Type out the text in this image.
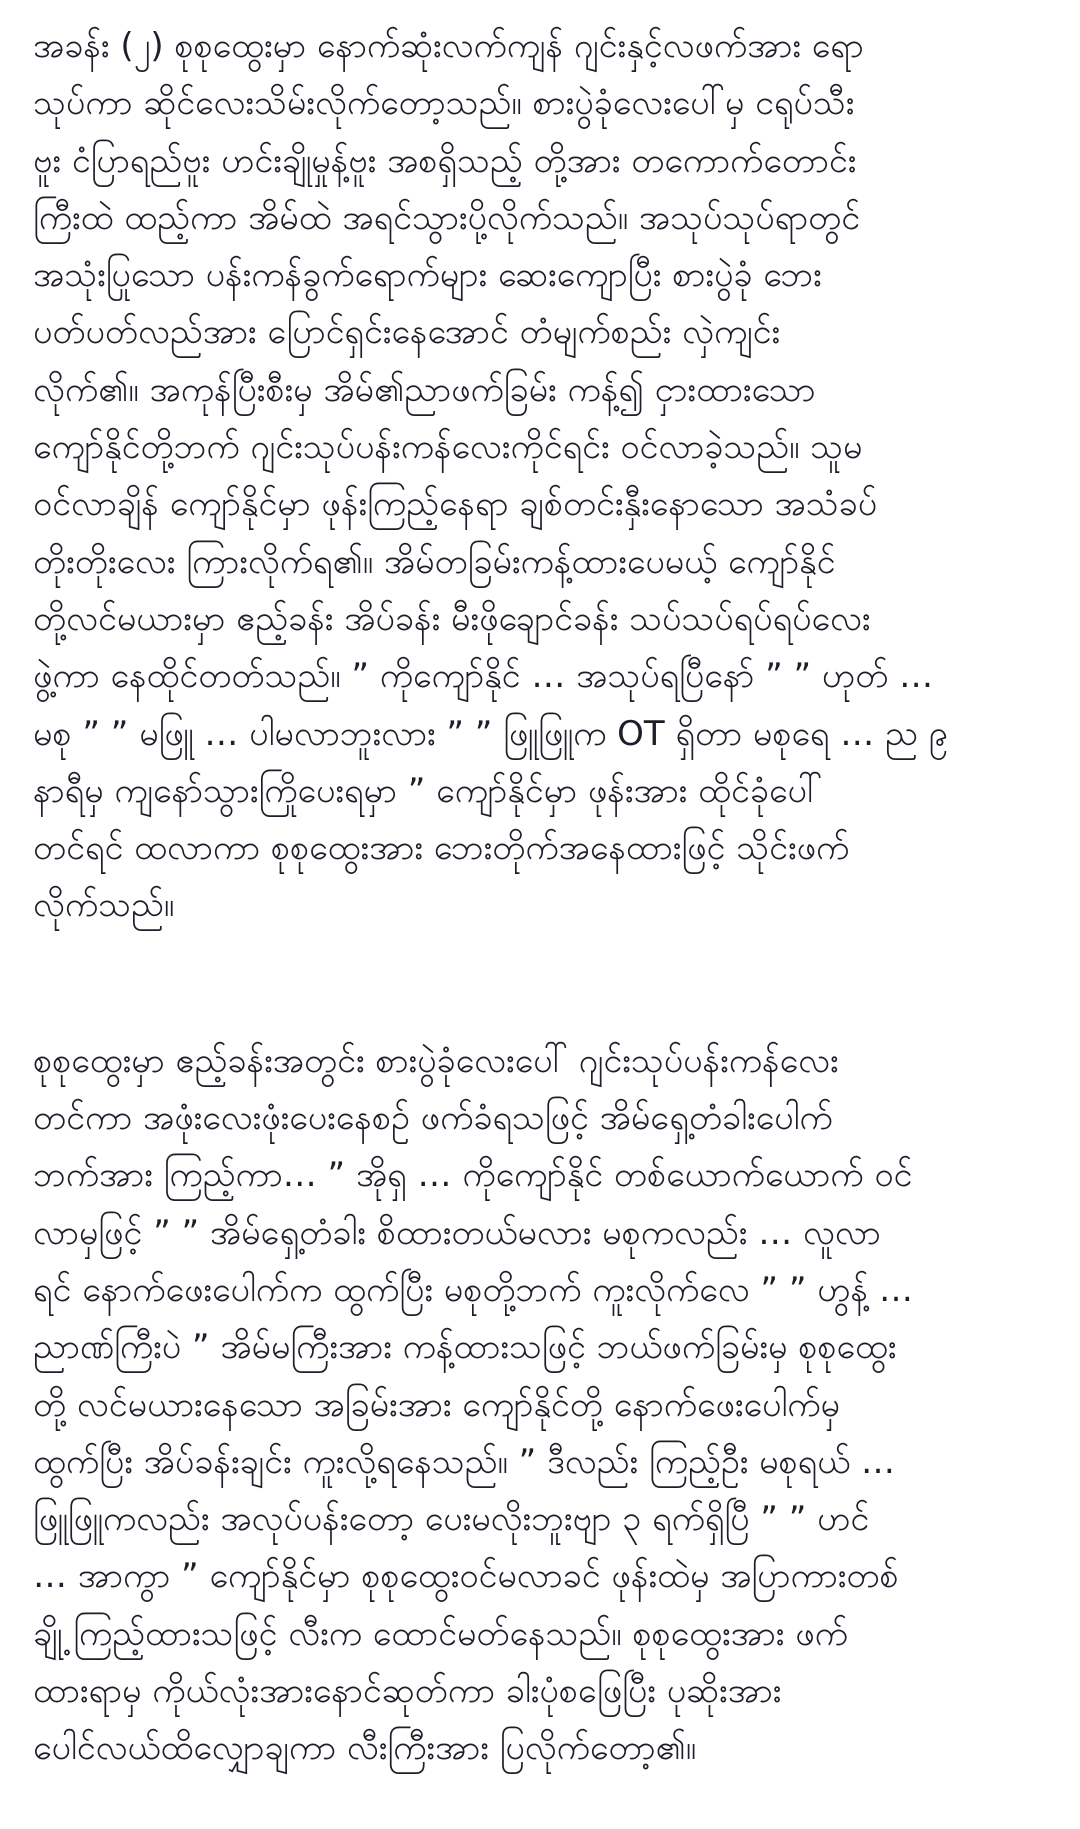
အခန်း (၂) စုစုထွေးမှာ နောက်ဆုံးလက်ကျန် ဂျင်းနှင့်လဖက်အား ရော
သုပ်ကာ ဆိုင်လေးသိမ်းလိုက်တော့သည်။ စားပွဲခုံလေးပေါ်မှ ငရုပ်သီး
ဗူး ငံပြာရည်ဗူး ဟင်းချိုမှုန့်ဗူး အစရှိသည့် တို့အား တကောက်တောင်း
ကြီးထဲ ထည့်ကာ အိမ်ထဲ အရင်သွားပို့လိုက်သည်။ အသုပ်သုပ်ရာတွင်
အသုံးပြုသော ပန်းကန်ခွက်ရောက်များ ဆေးကျောပြီး စားပွဲခုံ ဘေး
ပတ်ပတ်လည်အား ပြောင်ရှင်းနေအောင် တံမျက်စည်း လှဲကျင်း
လိုက်၏။ အကုန်ပြီးစီးမှ အိမ်၏ညာဖက်ခြမ်း ကန့်၍ ငှားထားသော
ကျော်နိုင်တို့ဘက် ဂျင်းသုပ်ပန်းကန်လေးကိုင်ရင်း ဝင်လာခဲ့သည်။ သူမ
ဝင်လာချိန် ကျော်နိုင်မှာ ဖုန်းကြည့်နေရာ ချစ်တင်းနှီးနောသော အသံခပ်
တိုးတိုးလေး ကြားလိုက်ရ၏။ အိမ်တခြမ်းကန့်ထားပေမယ့် ကျော်နိုင်
တို့လင်မယားမှာ ဧည့်ခန်း အိပ်ခန်း မီးဖိုချောင်ခန်း သပ်သပ်ရပ်ရပ်လေး
ဖွဲ့ကာ နေထိုင်တတ်သည်။ ” ကိုကျော်နိုင် … အသုပ်ရပြီနော် ” ” ဟုတ် …
မစု ” ” မဖြူ … ပါမလာဘူးလား ” ” ဖြူဖြူက OT ရှိတာ မစုရေ … ည ၉
နာရီမှ ကျနော်သွားကြိုပေးရမှာ ” ကျော်နိုင်မှာ ဖုန်းအား ထိုင်ခုံပေါ်
တင်ရင် ထလာကာ စုစုထွေးအား ဘေးတိုက်အနေထားဖြင့် သိုင်းဖက်
လိုက်သည်။
စုစုထွေးမှာ ဧည့်ခန်းအတွင်း စားပွဲခုံလေးပေါ် ဂျင်းသုပ်ပန်းကန်လေး
တင်ကာ အဖုံးလေးဖုံးပေးနေစဉ် ဖက်ခံရသဖြင့် အိမ်ရှေ့တံခါးပေါက်
ဘက်အား ကြည့်ကာ… ” အိုရှ … ကိုကျော်နိုင် တစ်ယောက်ယောက် ဝင်
လာမှဖြင့် ” ” အိမ်ရှေ့တံခါး စိထားတယ်မလား မစုကလည်း … လူလာ
ရင် နောက်ဖေးပေါက်က ထွက်ပြီး မစုတို့ဘက် ကူးလိုက်လေ ” ” ဟွန့် …
ညာဏ်ကြီးပဲ ” အိမ်မကြီးအား ကန့်ထားသဖြင့် ဘယ်ဖက်ခြမ်းမှ စုစုထွေး
တို့ လင်မယားနေသော အခြမ်းအား ကျော်နိုင်တို့ နောက်ဖေးပေါက်မှ
ထွက်ပြီး အိပ်ခန်းချင်း ကူးလို့ရနေသည်။ ” ဒီလည်း ကြည့်ဦး မစုရယ် …
ဖြူဖြူကလည်း အလုပ်ပန်းတော့ ပေးမလိုးဘူးဗျာ ၃ ရက်ရှိပြီ ” ” ဟင်
… အာကွာ ” ကျော်နိုင်မှာ စုစုထွေးဝင်မလာခင် ဖုန်းထဲမှ အပြာကားတစ်
ချို့ ကြည့်ထားသဖြင့် လီးက ထောင်မတ်နေသည်။ စုစုထွေးအား ဖက်
ထားရာမှ ကိုယ်လုံးအားနောင်ဆုတ်ကာ ခါးပုံစဖြေပြီး ပုဆိုးအား
ပေါင်လယ်ထိလျှောချကာ လီးကြီးအား ပြလိုက်တော့၏။
